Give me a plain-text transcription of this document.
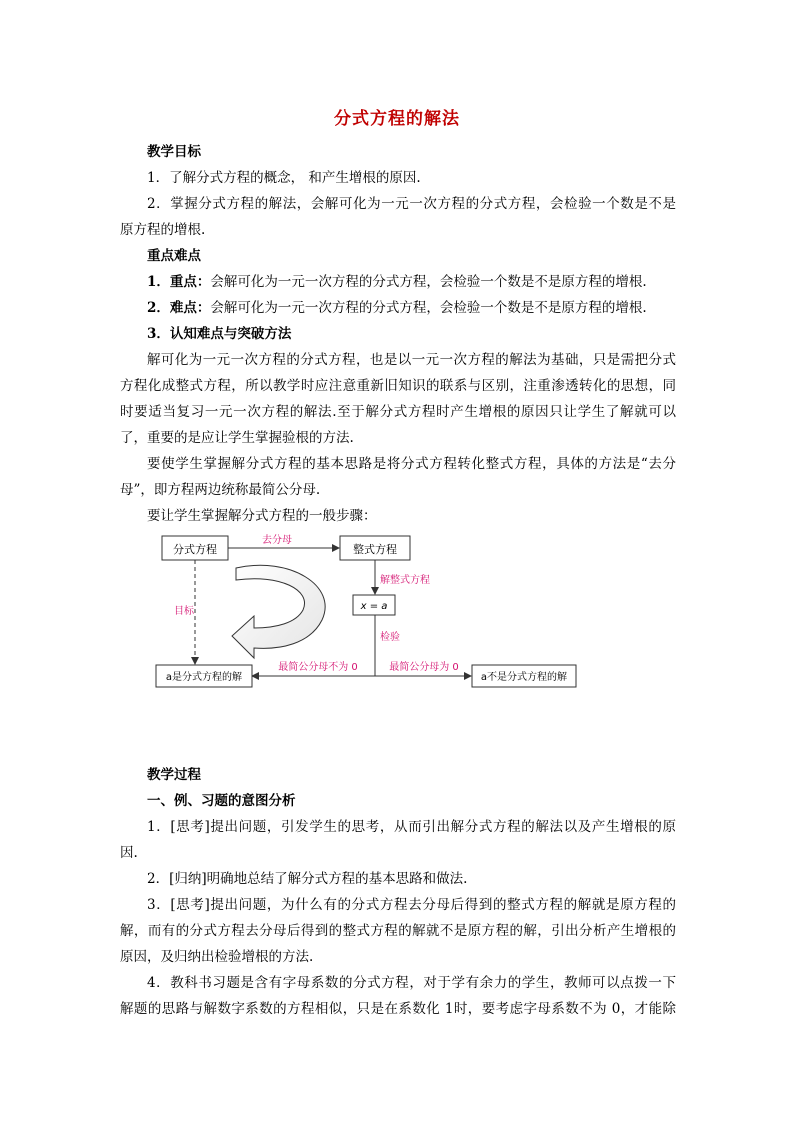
分式方程的解法
教学目标
1．了解分式方程的概念， 和产生增根的原因.
2．掌握分式方程的解法，会解可化为一元一次方程的分式方程，会检验一个数是不是
原方程的增根.
重点难点
1．重点：会解可化为一元一次方程的分式方程，会检验一个数是不是原方程的增根.
2．难点：会解可化为一元一次方程的分式方程，会检验一个数是不是原方程的增根.
3．认知难点与突破方法
解可化为一元一次方程的分式方程，也是以一元一次方程的解法为基础，只是需把分式
方程化成整式方程，所以教学时应注意重新旧知识的联系与区别，注重渗透转化的思想，同
时要适当复习一元一次方程的解法.至于解分式方程时产生增根的原因只让学生了解就可以
了，重要的是应让学生掌握验根的方法.
要使学生掌握解分式方程的基本思路是将分式方程转化整式方程，具体的方法是“去分
母”，即方程两边统称最简公分母.
要让学生掌握解分式方程的一般步骤：
分式方程	整式方程
去分母
解整式方程
x = a
检验
最简公分母不为 0	最简公分母为 0
a是分式方程的解	a不是分式方程的解
目标
教学过程
一、例、习题的意图分析
1．[思考]提出问题，引发学生的思考，从而引出解分式方程的解法以及产生增根的原
因.
2．[归纳]明确地总结了解分式方程的基本思路和做法.
3．[思考]提出问题，为什么有的分式方程去分母后得到的整式方程的解就是原方程的
解，而有的分式方程去分母后得到的整式方程的解就不是原方程的解，引出分析产生增根的
原因，及归纳出检验增根的方法.
4．教科书习题是含有字母系数的分式方程，对于学有余力的学生，教师可以点拨一下
解题的思路与解数字系数的方程相似，只是在系数化 1时，要考虑字母系数不为 0，才能除
